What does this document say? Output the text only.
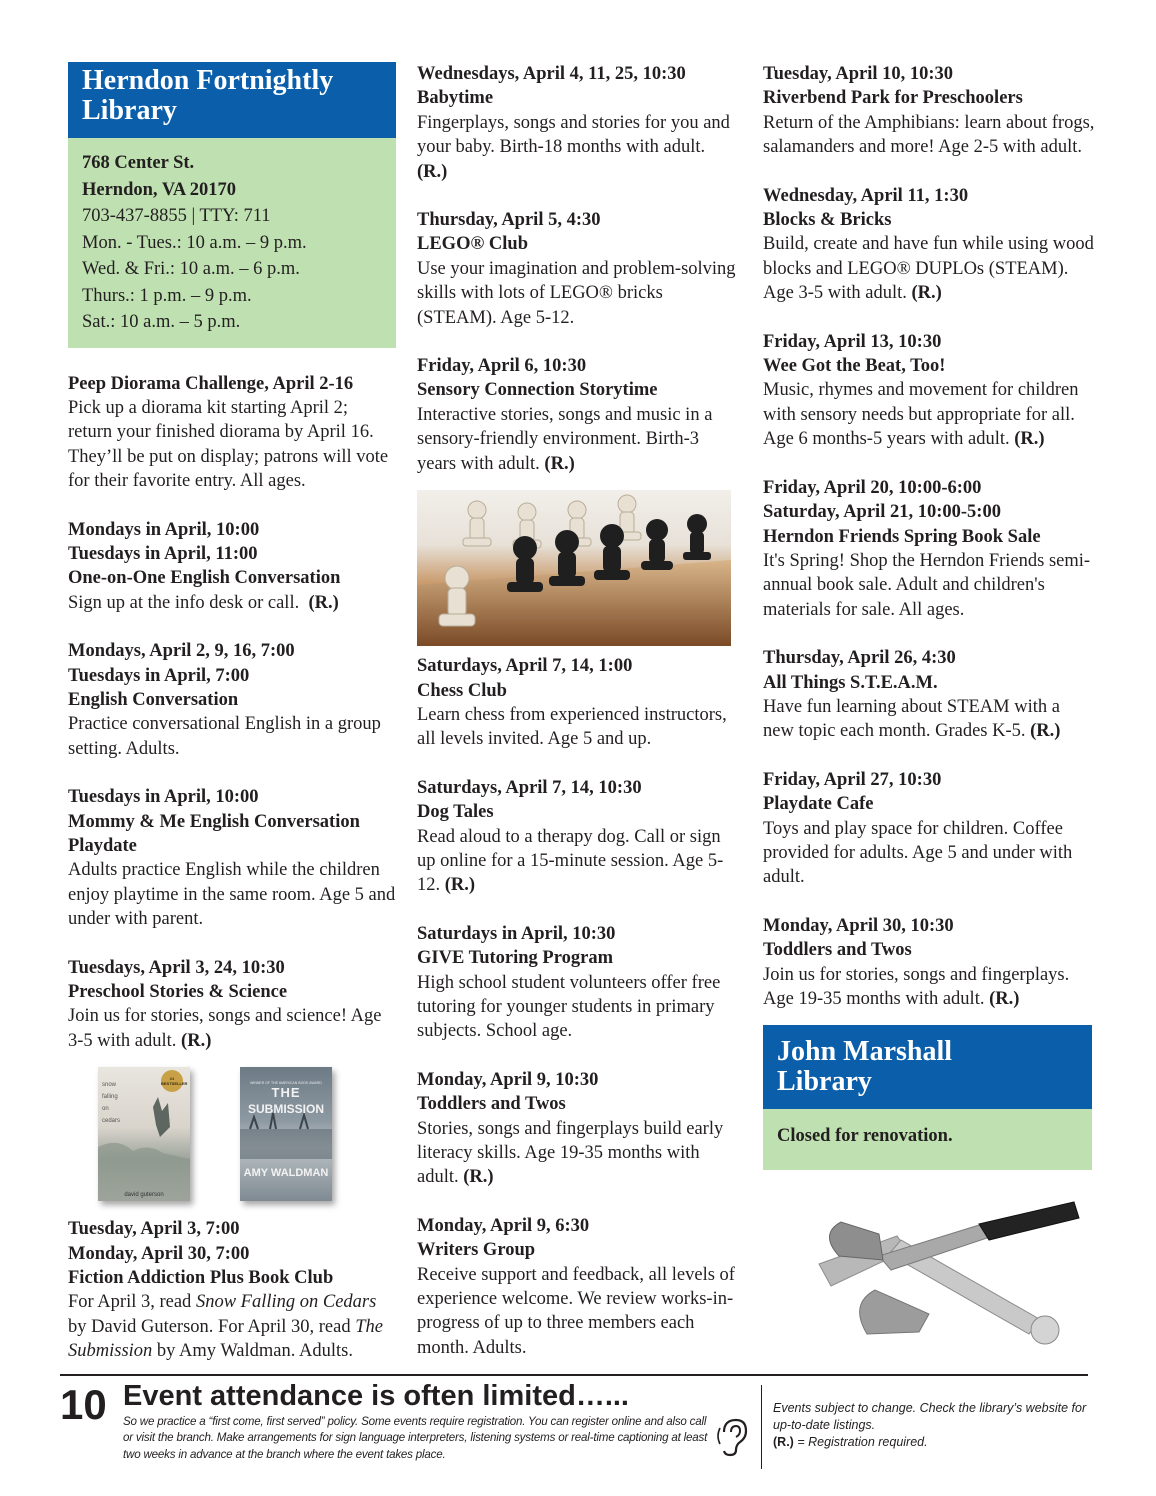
Herndon Fortnightly
Library
768 Center St.
Herndon, VA 20170
703-437-8855 | TTY: 711
Mon. - Tues.: 10 a.m. – 9 p.m.
Wed. & Fri.: 10 a.m. – 6 p.m.
Thurs.: 1 p.m. – 9 p.m.
Sat.: 10 a.m. – 5 p.m.
Peep Diorama Challenge, April 2-16
Pick up a diorama kit starting April 2; return your finished diorama by April 16. They’ll be put on display; patrons will vote for their favorite entry. All ages.
Mondays in April, 10:00
Tuesdays in April, 11:00
One-on-One English Conversation
Sign up at the info desk or call. (R.)
Mondays, April 2, 9, 16, 7:00
Tuesdays in April, 7:00
English Conversation
Practice conversational English in a group setting. Adults.
Tuesdays in April, 10:00
Mommy & Me English Conversation Playdate
Adults practice English while the children enjoy playtime in the same room. Age 5 and under with parent.
Tuesdays, April 3, 24, 10:30
Preschool Stories & Science
Join us for stories, songs and science! Age 3-5 with adult. (R.)
snow
falling
on
cedars
#1 BESTSELLER
david guterson
WINNER OF THE AMERICAN BOOK AWARD
THE
SUBMISSION
AMY WALDMAN
Tuesday, April 3, 7:00
Monday, April 30, 7:00
Fiction Addiction Plus Book Club
For April 3, read Snow Falling on Cedars by David Guterson. For April 30, read The Submission by Amy Waldman. Adults.
Wednesdays, April 4, 11, 25, 10:30
Babytime
Fingerplays, songs and stories for you and your baby. Birth-18 months with adult. (R.)
Thursday, April 5, 4:30
LEGO® Club
Use your imagination and problem-solving skills with lots of LEGO® bricks (STEAM). Age 5-12.
Friday, April 6, 10:30
Sensory Connection Storytime
Interactive stories, songs and music in a sensory-friendly environment. Birth-3 years with adult. (R.)
Saturdays, April 7, 14, 1:00
Chess Club
Learn chess from experienced instructors, all levels invited. Age 5 and up.
Saturdays, April 7, 14, 10:30
Dog Tales
Read aloud to a therapy dog. Call or sign up online for a 15-minute session. Age 5-12. (R.)
Saturdays in April, 10:30
GIVE Tutoring Program
High school student volunteers offer free tutoring for younger students in primary subjects. School age.
Monday, April 9, 10:30
Toddlers and Twos
Stories, songs and fingerplays build early literacy skills. Age 19-35 months with adult. (R.)
Monday, April 9, 6:30
Writers Group
Receive support and feedback, all levels of experience welcome. We review works-in-progress of up to three members each month. Adults.
Tuesday, April 10, 10:30
Riverbend Park for Preschoolers
Return of the Amphibians: learn about frogs, salamanders and more! Age 2-5 with adult.
Wednesday, April 11, 1:30
Blocks & Bricks
Build, create and have fun while using wood blocks and LEGO® DUPLOs (STEAM). Age 3-5 with adult. (R.)
Friday, April 13, 10:30
Wee Got the Beat, Too!
Music, rhymes and movement for children with sensory needs but appropriate for all. Age 6 months-5 years with adult. (R.)
Friday, April 20, 10:00-6:00
Saturday, April 21, 10:00-5:00
Herndon Friends Spring Book Sale
It's Spring! Shop the Herndon Friends semi-annual book sale. Adult and children's materials for sale. All ages.
Thursday, April 26, 4:30
All Things S.T.E.A.M.
Have fun learning about STEAM with a new topic each month. Grades K-5. (R.)
Friday, April 27, 10:30
Playdate Cafe
Toys and play space for children. Coffee provided for adults. Age 5 and under with adult.
Monday, April 30, 10:30
Toddlers and Twos
Join us for stories, songs and fingerplays. Age 19-35 months with adult. (R.)
John Marshall
Library
Closed for renovation.
10 Event attendance is often limited…...
So we practice a “first come, first served” policy. Some events require registration. You can register online and also call or visit the branch. Make arrangements for sign language interpreters, listening systems or real-time captioning at least two weeks in advance at the branch where the event takes place.
Events subject to change. Check the library’s website for up-to-date listings.
(R.) = Registration required.
